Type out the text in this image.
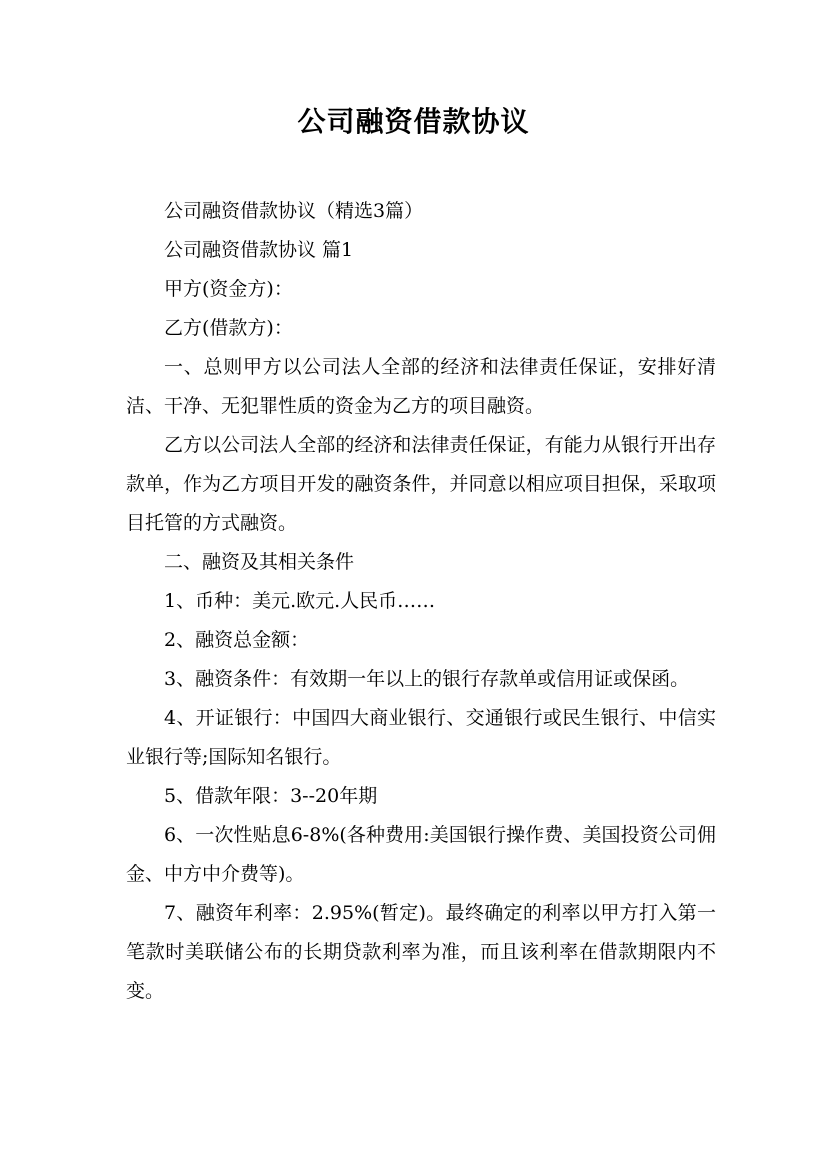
公司融资借款协议

公司融资借款协议（精选3篇）

公司融资借款协议 篇1

甲方(资金方)：

乙方(借款方)：

一、总则甲方以公司法人全部的经济和法律责任保证，安排好清洁、干净、无犯罪性质的资金为乙方的项目融资。

乙方以公司法人全部的经济和法律责任保证，有能力从银行开出存款单，作为乙方项目开发的融资条件，并同意以相应项目担保，采取项目托管的方式融资。

二、融资及其相关条件

1、币种：美元.欧元.人民币……

2、融资总金额：

3、融资条件：有效期一年以上的银行存款单或信用证或保函。

4、开证银行：中国四大商业银行、交通银行或民生银行、中信实业银行等;国际知名银行。

5、借款年限：3--20年期

6、一次性贴息6-8%(各种费用:美国银行操作费、美国投资公司佣金、中方中介费等)。

7、融资年利率：2.95%(暂定)。最终确定的利率以甲方打入第一笔款时美联储公布的长期贷款利率为准，而且该利率在借款期限内不变。
